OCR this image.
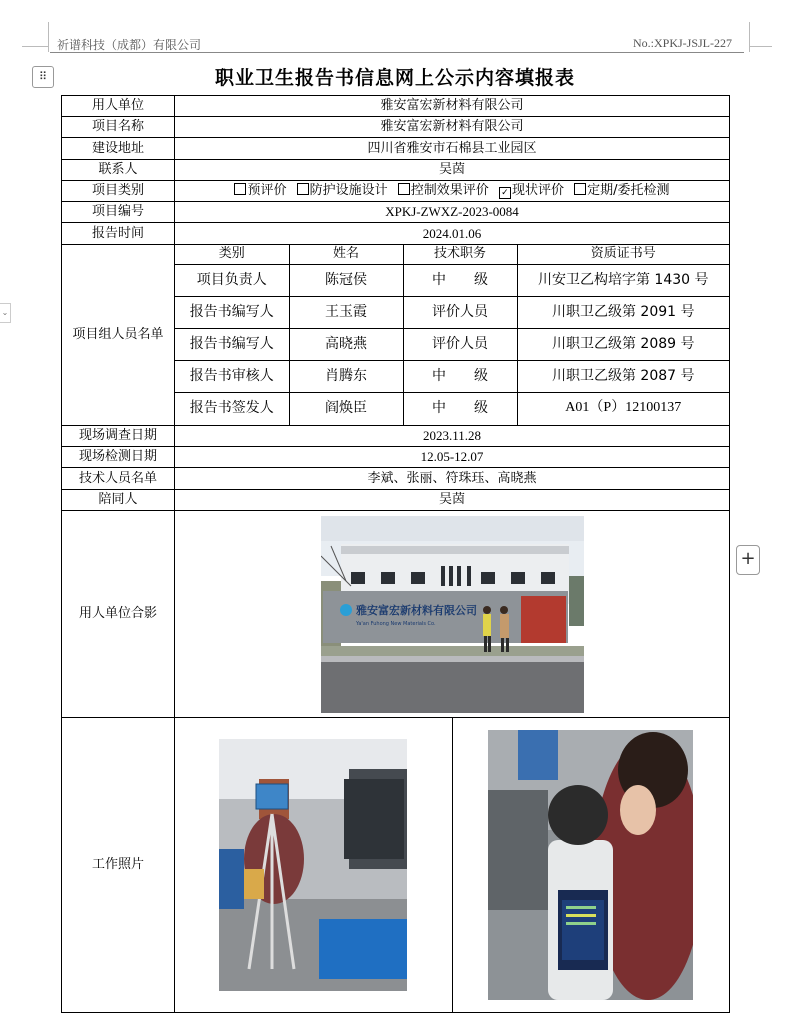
祈谱科技（成都）有限公司	No.:XPKJ-JSJL-227
⌄
⠿	职业卫生报告书信息网上公示内容填报表
用人单位	雅安富宏新材料有限公司
项目名称	雅安富宏新材料有限公司
建设地址	四川省雅安市石棉县工业园区
联系人	吴茵
项目类别	预评价 防护设施设计 控制效果评价 ✓ 现状评价 定期/委托检测
项目编号	XPKJ-ZWXZ-2023-0084
报告时间	2024.01.06
项目组人员名单	
类别	姓名	技术职务	资质证书号
项目负责人	陈冠侯	中　　级	川安卫乙构培字第 1430 号
报告书编写人	王玉霞	评价人员	川职卫乙级第 2091 号
报告书编写人	高晓燕	评价人员	川职卫乙级第 2089 号
报告书审核人	肖腾东	中　　级	川职卫乙级第 2087 号
报告书签发人	阎焕臣	中　　级	A01（P）12100137

现场调查日期	2023.11.28
现场检测日期	12.05-12.07
技术人员名单	李斌、张丽、符珠珏、高晓燕
陪同人	吴茵
用人单位合影	雅安富宏新材料有限公司
Ya'an Fuhong New Materials Co.

工作照片	
+
